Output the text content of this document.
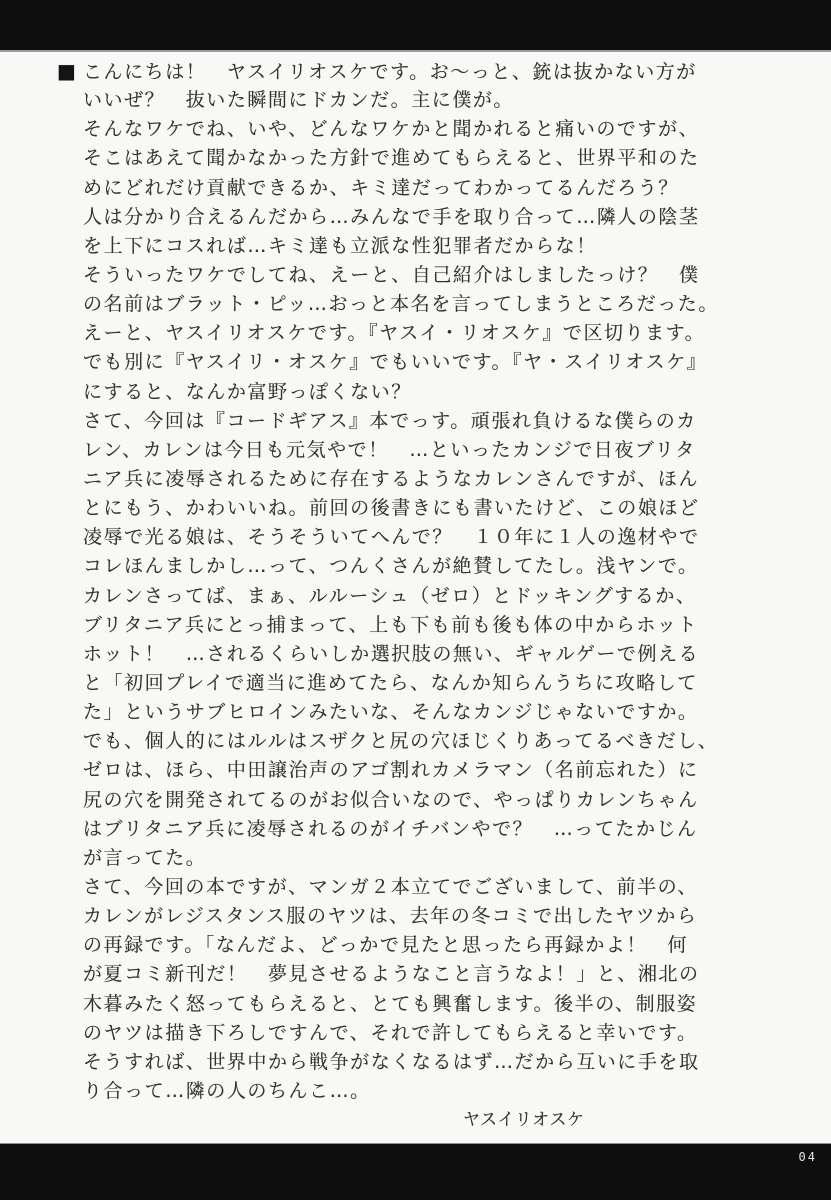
■ こんにちは！　ヤスイリオスケです。お～っと、銃は抜かない方が
いいぜ？　抜いた瞬間にドカンだ。主に僕が。
そんなワケでね、いや、どんなワケかと聞かれると痛いのですが、
そこはあえて聞かなかった方針で進めてもらえると、世界平和のた
めにどれだけ貢献できるか、キミ達だってわかってるんだろう？
人は分かり合えるんだから…みんなで手を取り合って…隣人の陰茎
を上下にコスれば…キミ達も立派な性犯罪者だからな！
そういったワケでしてね、えーと、自己紹介はしましたっけ？　僕
の名前はブラット・ピッ…おっと本名を言ってしまうところだった。
えーと、ヤスイリオスケです。『ヤスイ・リオスケ』で区切ります。
でも別に『ヤスイリ・オスケ』でもいいです。『ヤ・スイリオスケ』
にすると、なんか富野っぽくない？
さて、今回は『コードギアス』本でっす。頑張れ負けるな僕らのカ
レン、カレンは今日も元気やで！　…といったカンジで日夜ブリタ
ニア兵に凌辱されるために存在するようなカレンさんですが、ほん
とにもう、かわいいね。前回の後書きにも書いたけど、この娘ほど
凌辱で光る娘は、そうそういてへんで？　１０年に１人の逸材やで
コレほんましかし…って、つんくさんが絶賛してたし。浅ヤンで。
カレンさってば、まぁ、ルルーシュ（ゼロ）とドッキングするか、
ブリタニア兵にとっ捕まって、上も下も前も後も体の中からホット
ホット！　…されるくらいしか選択肢の無い、ギャルゲーで例える
と「初回プレイで適当に進めてたら、なんか知らんうちに攻略して
た」というサブヒロインみたいな、そんなカンジじゃないですか。
でも、個人的にはルルはスザクと尻の穴ほじくりあってるべきだし、
ゼロは、ほら、中田譲治声のアゴ割れカメラマン（名前忘れた）に
尻の穴を開発されてるのがお似合いなので、やっぱりカレンちゃん
はブリタニア兵に凌辱されるのがイチバンやで？　…ってたかじん
が言ってた。
さて、今回の本ですが、マンガ２本立てでございまして、前半の、
カレンがレジスタンス服のヤツは、去年の冬コミで出したヤツから
の再録です。「なんだよ、どっかで見たと思ったら再録かよ！　何
が夏コミ新刊だ！　夢見させるようなこと言うなよ！」と、湘北の
木暮みたく怒ってもらえると、とても興奮します。後半の、制服姿
のヤツは描き下ろしですんで、それで許してもらえると幸いです。
そうすれば、世界中から戦争がなくなるはず…だから互いに手を取
り合って…隣の人のちんこ…。
ヤスイリオスケ
04
